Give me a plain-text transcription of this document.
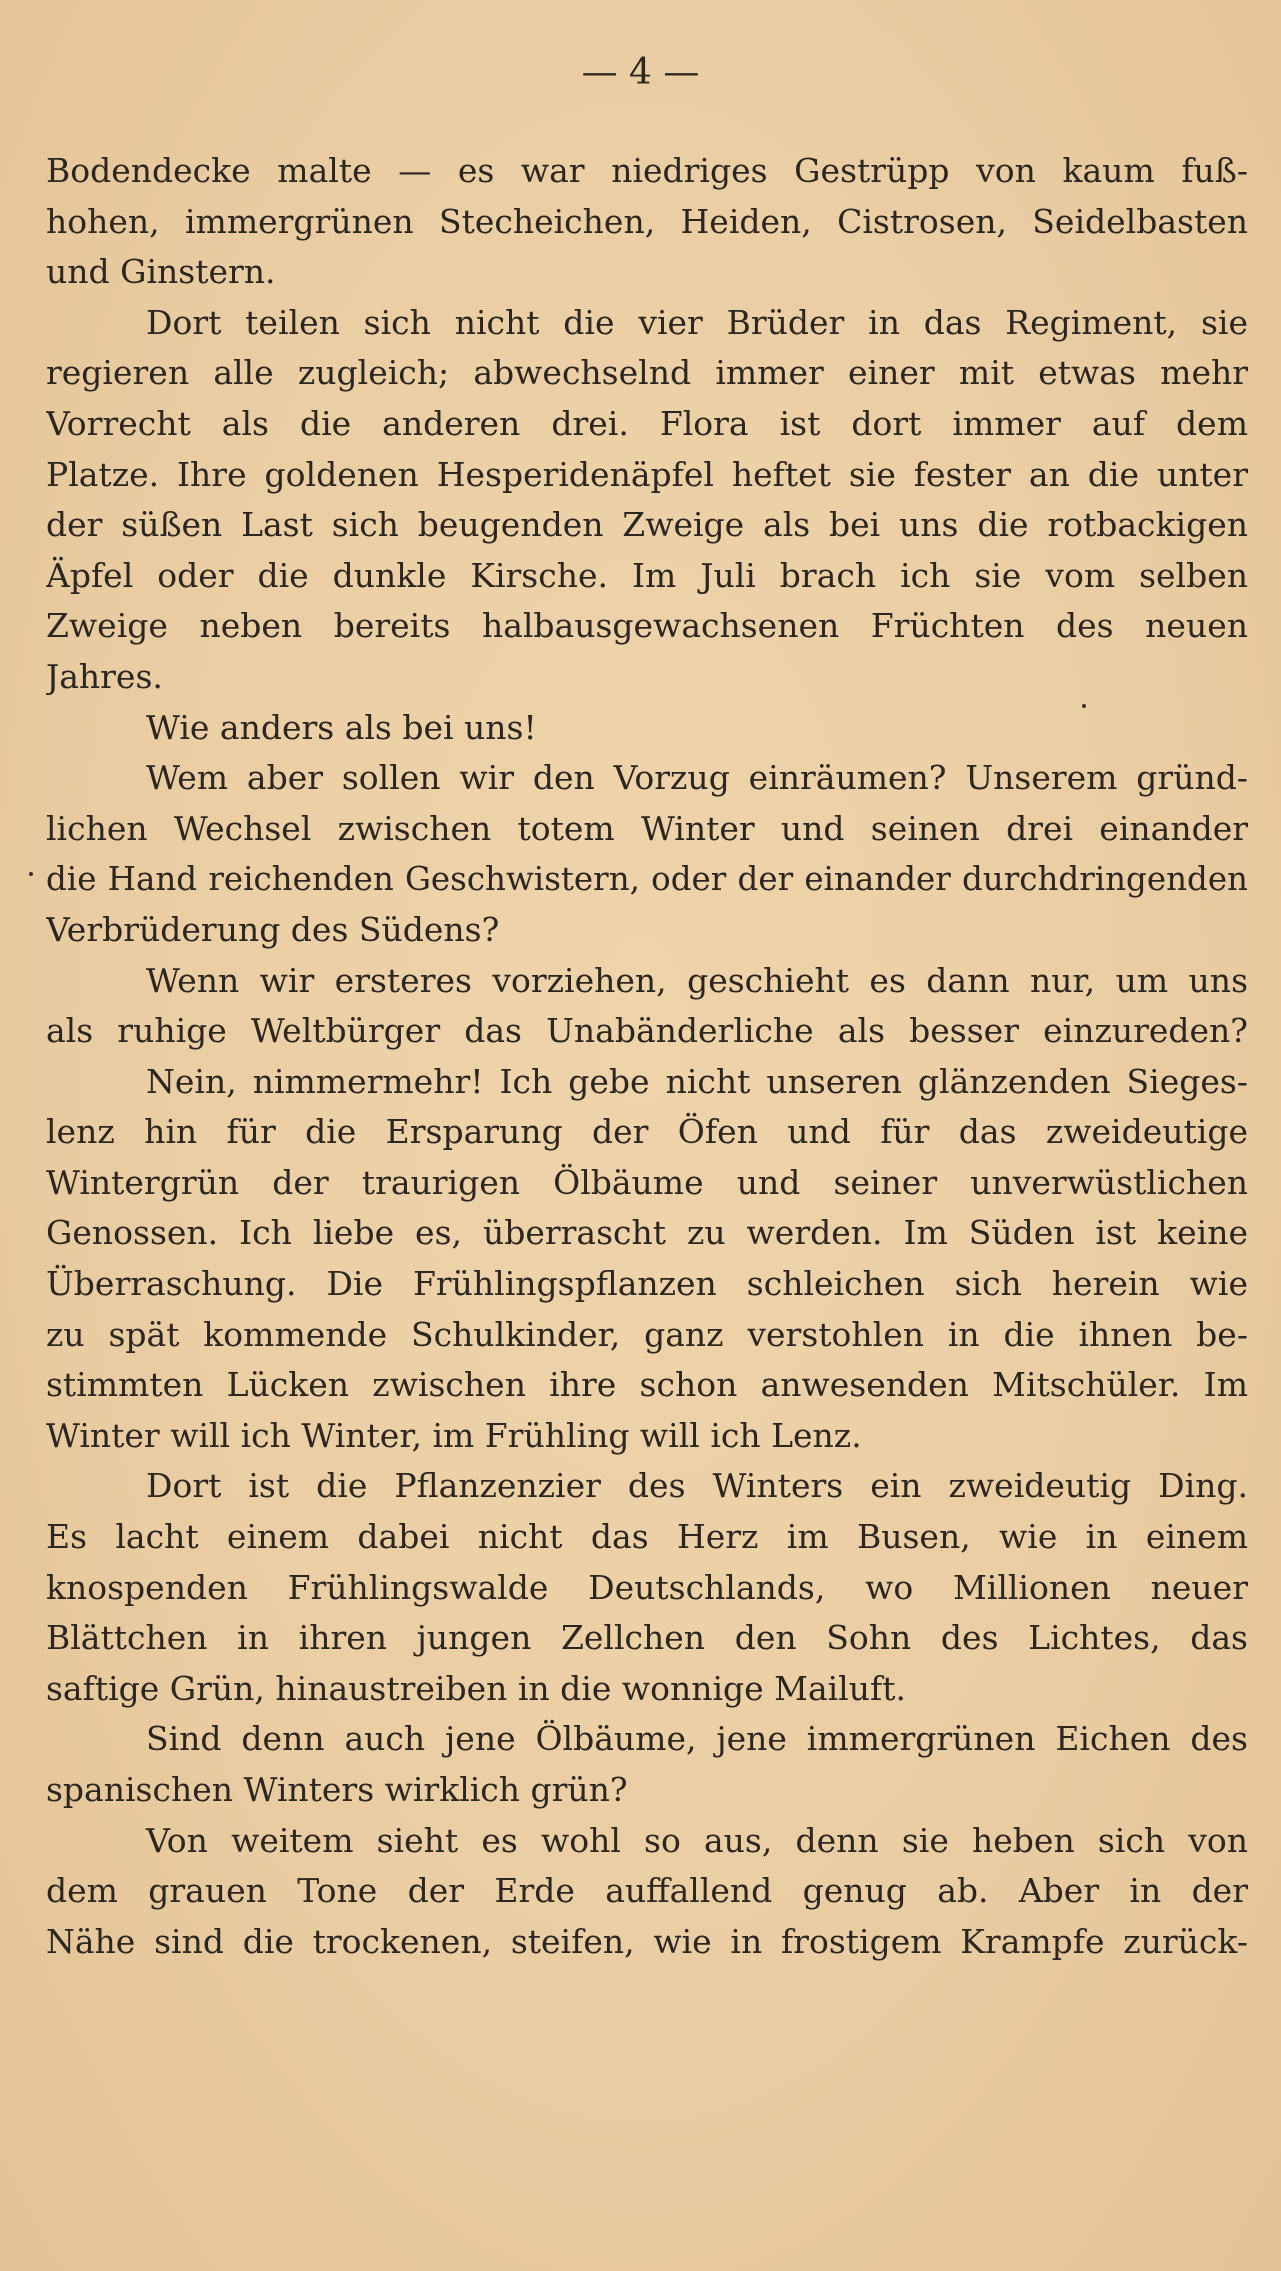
— 4 —
Bodendecke malte — es war niedriges Gestrüpp von kaum fuß-
hohen, immergrünen Stecheichen, Heiden, Cistrosen, Seidelbasten
und Ginstern.
Dort teilen sich nicht die vier Brüder in das Regiment, sie
regieren alle zugleich; abwechselnd immer einer mit etwas mehr
Vorrecht als die anderen drei. Flora ist dort immer auf dem
Platze. Ihre goldenen Hesperidenäpfel heftet sie fester an die unter
der süßen Last sich beugenden Zweige als bei uns die rotbackigen
Äpfel oder die dunkle Kirsche. Im Juli brach ich sie vom selben
Zweige neben bereits halbausgewachsenen Früchten des neuen
Jahres.
Wie anders als bei uns!
Wem aber sollen wir den Vorzug einräumen? Unserem gründ-
lichen Wechsel zwischen totem Winter und seinen drei einander
die Hand reichenden Geschwistern, oder der einander durchdringenden
Verbrüderung des Südens?
Wenn wir ersteres vorziehen, geschieht es dann nur, um uns
als ruhige Weltbürger das Unabänderliche als besser einzureden?
Nein, nimmermehr! Ich gebe nicht unseren glänzenden Sieges-
lenz hin für die Ersparung der Öfen und für das zweideutige
Wintergrün der traurigen Ölbäume und seiner unverwüstlichen
Genossen. Ich liebe es, überrascht zu werden. Im Süden ist keine
Überraschung. Die Frühlingspflanzen schleichen sich herein wie
zu spät kommende Schulkinder, ganz verstohlen in die ihnen be-
stimmten Lücken zwischen ihre schon anwesenden Mitschüler. Im
Winter will ich Winter, im Frühling will ich Lenz.
Dort ist die Pflanzenzier des Winters ein zweideutig Ding.
Es lacht einem dabei nicht das Herz im Busen, wie in einem
knospenden Frühlingswalde Deutschlands, wo Millionen neuer
Blättchen in ihren jungen Zellchen den Sohn des Lichtes, das
saftige Grün, hinaustreiben in die wonnige Mailuft.
Sind denn auch jene Ölbäume, jene immergrünen Eichen des
spanischen Winters wirklich grün?
Von weitem sieht es wohl so aus, denn sie heben sich von
dem grauen Tone der Erde auffallend genug ab. Aber in der
Nähe sind die trockenen, steifen, wie in frostigem Krampfe zurück-
